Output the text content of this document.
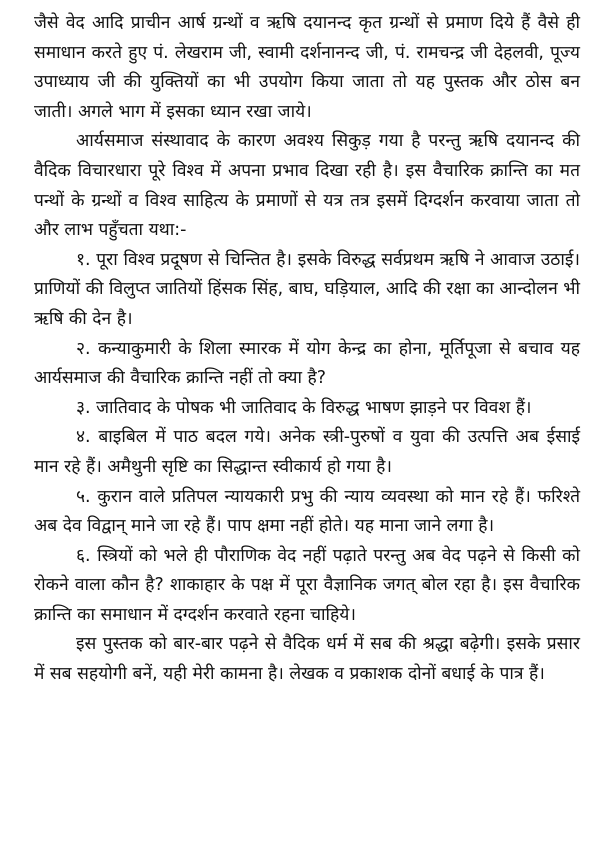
जैसे वेद आदि प्राचीन आर्ष ग्रन्थों व ऋषि दयानन्द कृत ग्रन्थों से प्रमाण दिये हैं वैसे ही समाधान करते हुए पं. लेखराम जी, स्वामी दर्शनानन्द जी, पं. रामचन्द्र जी देहलवी, पूज्य उपाध्याय जी की युक्तियों का भी उपयोग किया जाता तो यह पुस्तक और ठोस बन जाती। अगले भाग में इसका ध्यान रखा जाये।

आर्यसमाज संस्थावाद के कारण अवश्य सिकुड़ गया है परन्तु ऋषि दयानन्द की वैदिक विचारधारा पूरे विश्व में अपना प्रभाव दिखा रही है। इस वैचारिक क्रान्ति का मत पन्थों के ग्रन्थों व विश्व साहित्य के प्रमाणों से यत्र तत्र इसमें दिग्दर्शन करवाया जाता तो और लाभ पहुँचता यथा:-

१. पूरा विश्व प्रदूषण से चिन्तित है। इसके विरुद्ध सर्वप्रथम ऋषि ने आवाज उठाई। प्राणियों की विलुप्त जातियों हिंसक सिंह, बाघ, घड़ियाल, आदि की रक्षा का आन्दोलन भी ऋषि की देन है।

२. कन्याकुमारी के शिला स्मारक में योग केन्द्र का होना, मूर्तिपूजा से बचाव यह आर्यसमाज की वैचारिक क्रान्ति नहीं तो क्या है?

३. जातिवाद के पोषक भी जातिवाद के विरुद्ध भाषण झाड़ने पर विवश हैं।

४. बाइबिल में पाठ बदल गये। अनेक स्त्री-पुरुषों व युवा की उत्पत्ति अब ईसाई मान रहे हैं। अमैथुनी सृष्टि का सिद्धान्त स्वीकार्य हो गया है।

५. कुरान वाले प्रतिपल न्यायकारी प्रभु की न्याय व्यवस्था को मान रहे हैं। फरिश्ते अब देव विद्वान् माने जा रहे हैं। पाप क्षमा नहीं होते। यह माना जाने लगा है।

६. स्त्रियों को भले ही पौराणिक वेद नहीं पढ़ाते परन्तु अब वेद पढ़ने से किसी को रोकने वाला कौन है? शाकाहार के पक्ष में पूरा वैज्ञानिक जगत् बोल रहा है। इस वैचारिक क्रान्ति का समाधान में दग्दर्शन करवाते रहना चाहिये।

इस पुस्तक को बार-बार पढ़ने से वैदिक धर्म में सब की श्रद्धा बढ़ेगी। इसके प्रसार में सब सहयोगी बनें, यही मेरी कामना है। लेखक व प्रकाशक दोनों बधाई के पात्र हैं।
